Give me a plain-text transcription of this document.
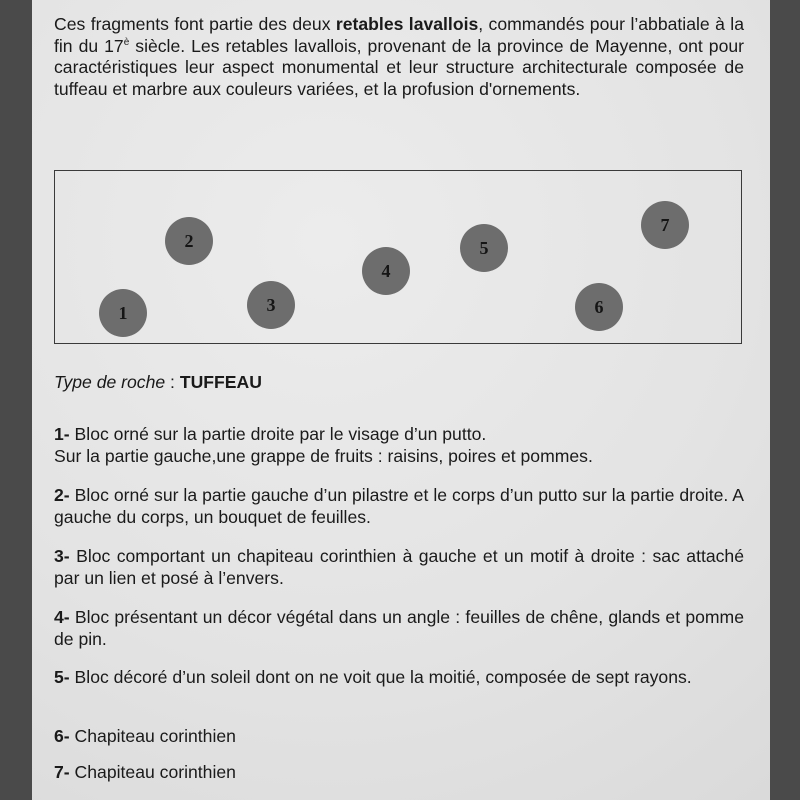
Ces fragments font partie des deux retables lavallois, commandés pour l’abbatiale à la fin du $17^è$ siècle. Les retables lavallois, provenant de la province de Mayenne, ont pour caractéristiques leur aspect monumental et leur structure architecturale composée de tuffeau et marbre aux couleurs variées, et la profusion d'ornements.

1
2
3
4
5
6
7

Type de roche : TUFFEAU

1- Bloc orné sur la partie droite par le visage d’un putto.
Sur la partie gauche,une grappe de fruits : raisins, poires et pommes.

2- Bloc orné sur la partie gauche d’un pilastre et le corps d’un putto sur la partie droite. A gauche du corps, un bouquet de feuilles.

3- Bloc comportant un chapiteau corinthien à gauche et un motif à droite : sac attaché par un lien et posé à l’envers.

4- Bloc présentant un décor végétal dans un angle : feuilles de chêne, glands et pomme de pin.

5- Bloc décoré d’un soleil dont on ne voit que la moitié, composée de sept rayons.

6- Chapiteau corinthien

7- Chapiteau corinthien
